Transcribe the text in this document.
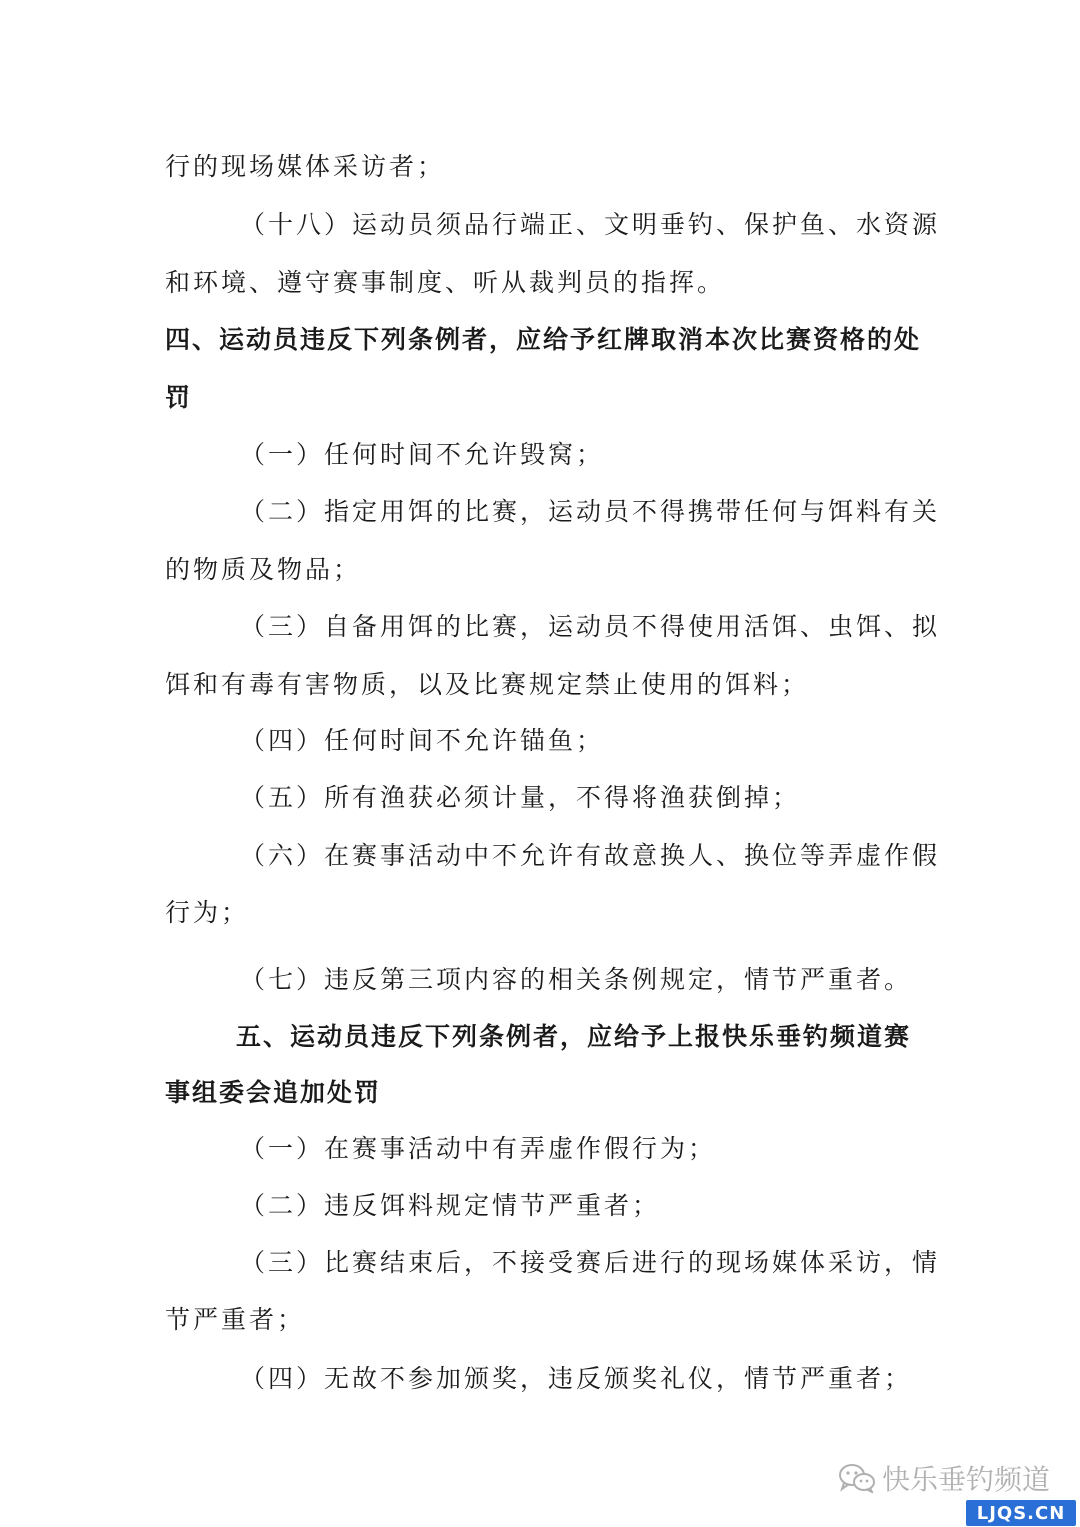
行的现场媒体采访者；
（十八）运动员须品行端正、文明垂钓、保护鱼、水资源
和环境、遵守赛事制度、听从裁判员的指挥。
四、运动员违反下列条例者，应给予红牌取消本次比赛资格的处
罚
（一）任何时间不允许毁窝；
（二）指定用饵的比赛，运动员不得携带任何与饵料有关
的物质及物品；
（三）自备用饵的比赛，运动员不得使用活饵、虫饵、拟
饵和有毒有害物质，以及比赛规定禁止使用的饵料；
（四）任何时间不允许锚鱼；
（五）所有渔获必须计量，不得将渔获倒掉；
（六）在赛事活动中不允许有故意换人、换位等弄虚作假
行为；
（七）违反第三项内容的相关条例规定，情节严重者。
五、运动员违反下列条例者，应给予上报快乐垂钓频道赛
事组委会追加处罚
（一）在赛事活动中有弄虚作假行为；
（二）违反饵料规定情节严重者；
（三）比赛结束后，不接受赛后进行的现场媒体采访，情
节严重者；
（四）无故不参加颁奖，违反颁奖礼仪，情节严重者；
快乐垂钓频道
LJQS.CN
